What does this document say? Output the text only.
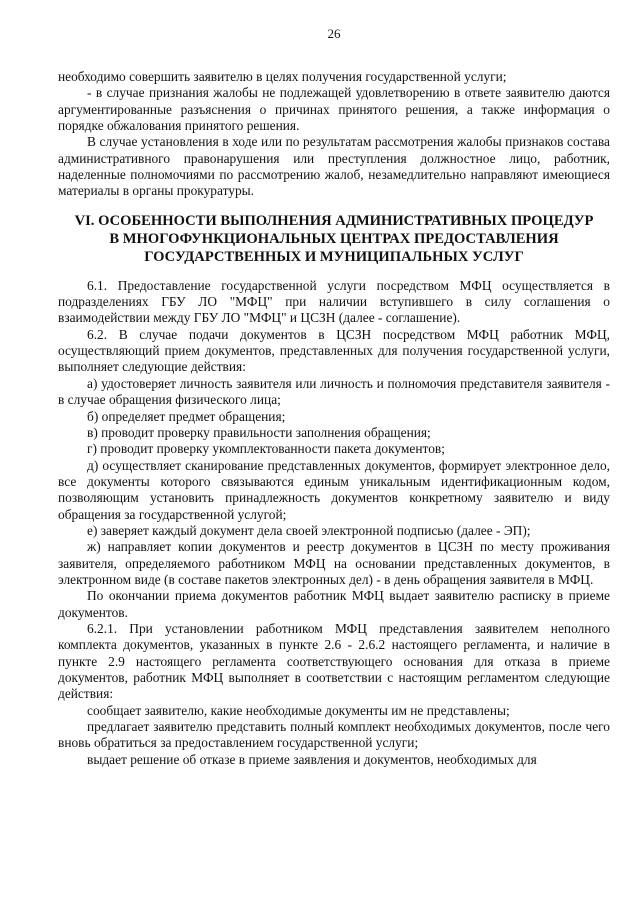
26

необходимо совершить заявителю в целях получения государственной услуги;

- в случае признания жалобы не подлежащей удовлетворению в ответе заявителю даются аргументированные разъяснения о причинах принятого решения, а также информация о порядке обжалования принятого решения.

В случае установления в ходе или по результатам рассмотрения жалобы признаков состава административного правонарушения или преступления должностное лицо, работник, наделенные полномочиями по рассмотрению жалоб, незамедлительно направляют имеющиеся материалы в органы прокуратуры.

VI. ОСОБЕННОСТИ ВЫПОЛНЕНИЯ АДМИНИСТРАТИВНЫХ ПРОЦЕДУР
В МНОГОФУНКЦИОНАЛЬНЫХ ЦЕНТРАХ ПРЕДОСТАВЛЕНИЯ
ГОСУДАРСТВЕННЫХ И МУНИЦИПАЛЬНЫХ УСЛУГ

6.1. Предоставление государственной услуги посредством МФЦ осуществляется в подразделениях ГБУ ЛО "МФЦ" при наличии вступившего в силу соглашения о взаимодействии между ГБУ ЛО "МФЦ" и ЦСЗН (далее - соглашение).

6.2. В случае подачи документов в ЦСЗН посредством МФЦ работник МФЦ, осуществляющий прием документов, представленных для получения государственной услуги, выполняет следующие действия:

а) удостоверяет личность заявителя или личность и полномочия представителя заявителя - в случае обращения физического лица;

б) определяет предмет обращения;

в) проводит проверку правильности заполнения обращения;

г) проводит проверку укомплектованности пакета документов;

д) осуществляет сканирование представленных документов, формирует электронное дело, все документы которого связываются единым уникальным идентификационным кодом, позволяющим установить принадлежность документов конкретному заявителю и виду обращения за государственной услугой;

е) заверяет каждый документ дела своей электронной подписью (далее - ЭП);

ж) направляет копии документов и реестр документов в ЦСЗН по месту проживания заявителя, определяемого работником МФЦ на основании представленных документов, в электронном виде (в составе пакетов электронных дел) - в день обращения заявителя в МФЦ.

По окончании приема документов работник МФЦ выдает заявителю расписку в приеме документов.

6.2.1. При установлении работником МФЦ представления заявителем неполного комплекта документов, указанных в пункте 2.6 - 2.6.2 настоящего регламента, и наличие в пункте 2.9 настоящего регламента соответствующего основания для отказа в приеме документов, работник МФЦ выполняет в соответствии с настоящим регламентом следующие действия:

сообщает заявителю, какие необходимые документы им не представлены;

предлагает заявителю представить полный комплект необходимых документов, после чего вновь обратиться за предоставлением государственной услуги;

выдает решение об отказе в приеме заявления и документов, необходимых для
